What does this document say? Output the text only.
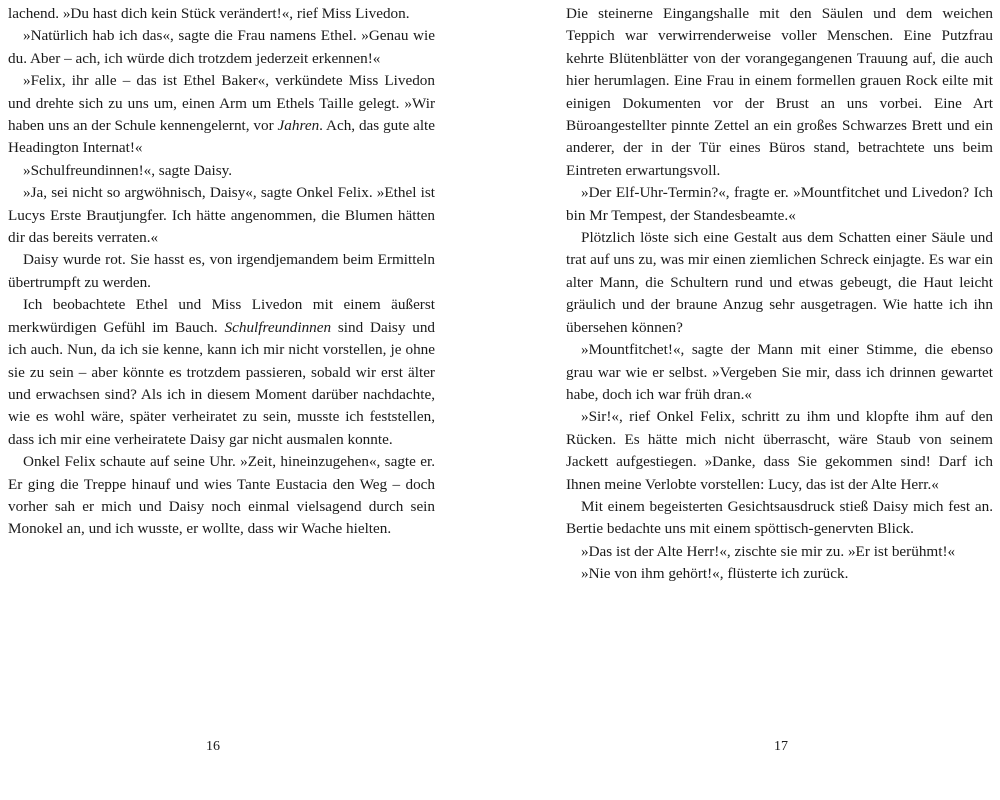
lachend. »Du hast dich kein Stück verändert!«, rief Miss Livedon.

»Natürlich hab ich das«, sagte die Frau namens Ethel. »Genau wie du. Aber – ach, ich würde dich trotzdem jederzeit erkennen!«

»Felix, ihr alle – das ist Ethel Baker«, verkündete Miss Livedon und drehte sich zu uns um, einen Arm um Ethels Taille gelegt. »Wir haben uns an der Schule kennengelernt, vor Jahren. Ach, das gute alte Headington Internat!«

»Schulfreundinnen!«, sagte Daisy.

»Ja, sei nicht so argwöhnisch, Daisy«, sagte Onkel Felix. »Ethel ist Lucys Erste Brautjungfer. Ich hätte angenommen, die Blumen hätten dir das bereits verraten.«

Daisy wurde rot. Sie hasst es, von irgendjemandem beim Ermitteln übertrumpft zu werden.

Ich beobachtete Ethel und Miss Livedon mit einem äußerst merkwürdigen Gefühl im Bauch. Schulfreundinnen sind Daisy und ich auch. Nun, da ich sie kenne, kann ich mir nicht vorstellen, je ohne sie zu sein – aber könnte es trotzdem passieren, sobald wir erst älter und erwachsen sind? Als ich in diesem Moment darüber nachdachte, wie es wohl wäre, später verheiratet zu sein, musste ich feststellen, dass ich mir eine verheiratete Daisy gar nicht ausmalen konnte.

Onkel Felix schaute auf seine Uhr. »Zeit, hineinzugehen«, sagte er. Er ging die Treppe hinauf und wies Tante Eustacia den Weg – doch vorher sah er mich und Daisy noch einmal vielsagend durch sein Monokel an, und ich wusste, er wollte, dass wir Wache hielten.

16

Die steinerne Eingangshalle mit den Säulen und dem weichen Teppich war verwirrenderweise voller Menschen. Eine Putzfrau kehrte Blütenblätter von der vorangegangenen Trauung auf, die auch hier herumlagen. Eine Frau in einem formellen grauen Rock eilte mit einigen Dokumenten vor der Brust an uns vorbei. Eine Art Büroangestellter pinnte Zettel an ein großes Schwarzes Brett und ein anderer, der in der Tür eines Büros stand, betrachtete uns beim Eintreten erwartungsvoll.

»Der Elf-Uhr-Termin?«, fragte er. »Mountfitchet und Livedon? Ich bin Mr Tempest, der Standesbeamte.«

Plötzlich löste sich eine Gestalt aus dem Schatten einer Säule und trat auf uns zu, was mir einen ziemlichen Schreck einjagte. Es war ein alter Mann, die Schultern rund und etwas gebeugt, die Haut leicht gräulich und der braune Anzug sehr ausgetragen. Wie hatte ich ihn übersehen können?

»Mountfitchet!«, sagte der Mann mit einer Stimme, die ebenso grau war wie er selbst. »Vergeben Sie mir, dass ich drinnen gewartet habe, doch ich war früh dran.«

»Sir!«, rief Onkel Felix, schritt zu ihm und klopfte ihm auf den Rücken. Es hätte mich nicht überrascht, wäre Staub von seinem Jackett aufgestiegen. »Danke, dass Sie gekommen sind! Darf ich Ihnen meine Verlobte vorstellen: Lucy, das ist der Alte Herr.«

Mit einem begeisterten Gesichtsausdruck stieß Daisy mich fest an. Bertie bedachte uns mit einem spöttisch-genervten Blick.

»Das ist der Alte Herr!«, zischte sie mir zu. »Er ist berühmt!«

»Nie von ihm gehört!«, flüsterte ich zurück.

17
